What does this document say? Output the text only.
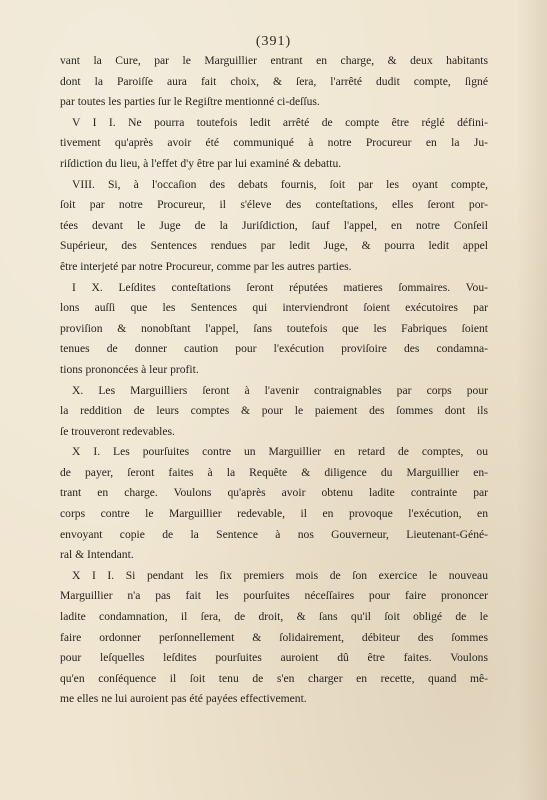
(391)
vant la Cure, par le Marguillier entrant en charge, & deux habitants
dont la Paroiſſe aura fait choix, & ſera, l'arrêté dudit compte, ſigné
par toutes les parties ſur le Regiſtre mentionné ci-deſſus.
V I I. Ne pourra toutefois ledit arrêté de compte être réglé défini-
tivement qu'après avoir été communiqué à notre Procureur en la Ju-
riſdiction du lieu, à l'effet d'y être par lui examiné & debattu.
VIII. Si, à l'occaſion des debats fournis, ſoit par les oyant compte,
ſoit par notre Procureur, il s'éleve des conteſtations, elles ſeront por-
tées devant le Juge de la Juriſdiction, ſauf l'appel, en notre Conſeil
Supérieur, des Sentences rendues par ledit Juge, & pourra ledit appel
être interjeté par notre Procureur, comme par les autres parties.
I X. Leſdites conteſtations ſeront réputées matieres ſommaires. Vou-
lons auſſi que les Sentences qui interviendront ſoient exécutoires par
proviſion & nonobſtant l'appel, ſans toutefois que les Fabriques ſoient
tenues de donner caution pour l'exécution proviſoire des condamna-
tions prononcées à leur profit.
X. Les Marguilliers ſeront à l'avenir contraignables par corps pour
la reddition de leurs comptes & pour le paiement des ſommes dont ils
ſe trouveront redevables.
X I. Les pourſuites contre un Marguillier en retard de comptes, ou
de payer, ſeront faites à la Requête & diligence du Marguillier en-
trant en charge. Voulons qu'après avoir obtenu ladite contrainte par
corps contre le Marguillier redevable, il en provoque l'exécution, en
envoyant copie de la Sentence à nos Gouverneur, Lieutenant-Géné-
ral & Intendant.
X I I. Si pendant les ſix premiers mois de ſon exercice le nouveau
Marguillier n'a pas fait les pourſuites néceſſaires pour faire prononcer
ladite condamnation, il ſera, de droit, & ſans qu'il ſoit obligé de le
faire ordonner perſonnellement & ſolidairement, débiteur des ſommes
pour leſquelles leſdites pourſuites auroient dû être faites. Voulons
qu'en conſéquence il ſoit tenu de s'en charger en recette, quand mê-
me elles ne lui auroient pas été payées effectivement.
